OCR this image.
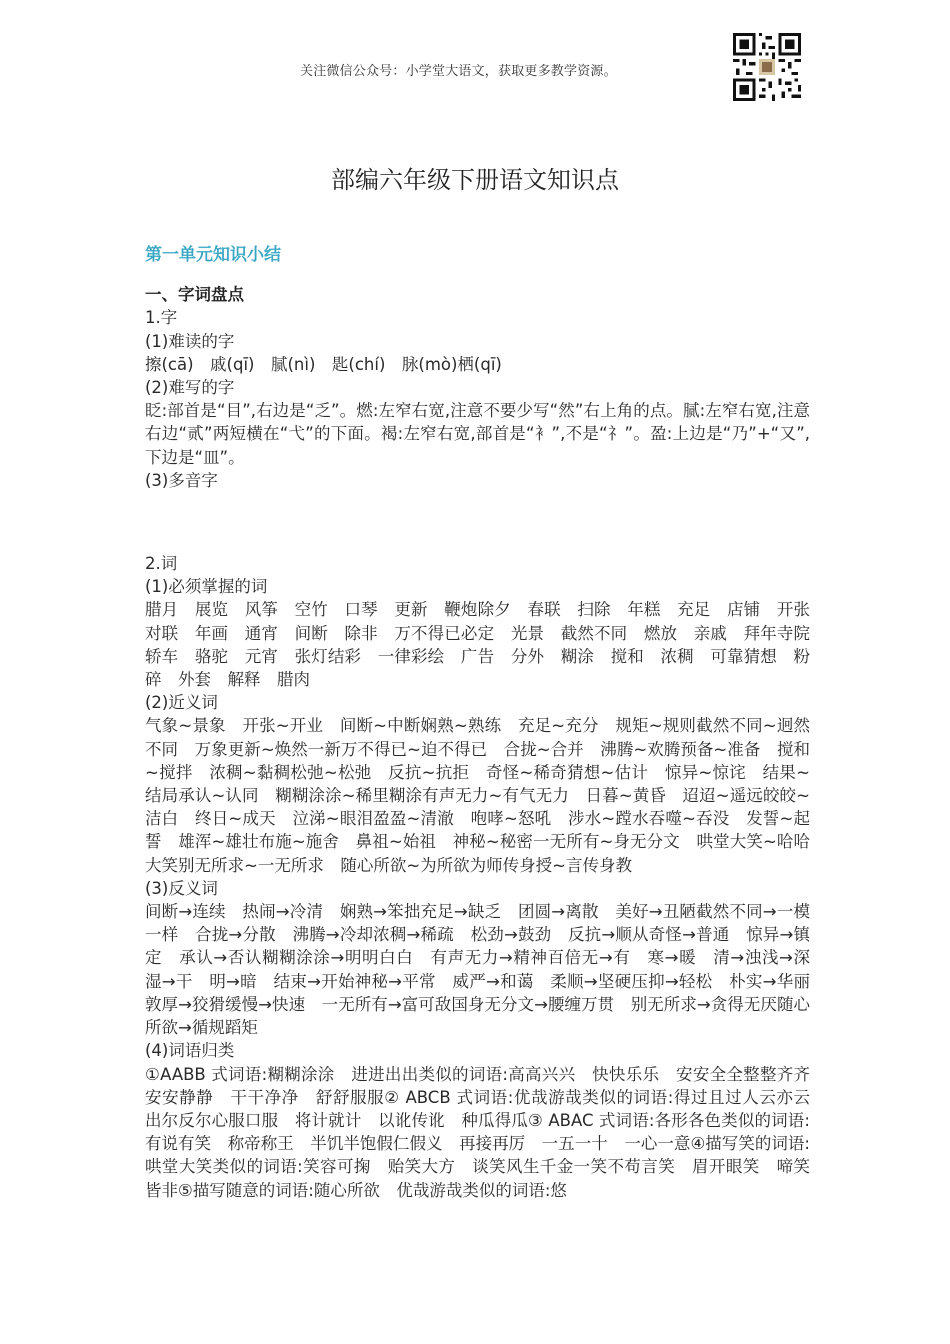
关注微信公众号：小学堂大语文，获取更多教学资源。
部编六年级下册语文知识点

第一单元知识小结

一、字词盘点

1.字

(1)难读的字

擦(cā)　戚(qī)　腻(nì)　匙(chí)　脉(mò)栖(qī)

(2)难写的字

眨:部首是“目”,右边是“乏”。燃:左窄右宽,注意不要少写“然”右上角的点。腻:左窄右宽,注意右边“贰”两短横在“弋”的下面。褐:左窄右宽,部首是“衤”,不是“礻”。盈:上边是“乃”+“又”,下边是“皿”。

(3)多音字

2.词

(1)必须掌握的词

腊月　展览　风筝　空竹　口琴　更新　鞭炮除夕　春联　扫除　年糕　充足　店铺　开张对联　年画　通宵　间断　除非　万不得已必定　光景　截然不同　燃放　亲戚　拜年寺院　轿车　骆驼　元宵　张灯结彩　一律彩绘　广告　分外　糊涂　搅和　浓稠　可靠猜想　粉碎　外套　解释　腊肉

(2)近义词

气象~景象　开张~开业　间断~中断娴熟~熟练　充足~充分　规矩~规则截然不同~迥然不同　万象更新~焕然一新万不得已~迫不得已　合拢~合并　沸腾~欢腾预备~准备　搅和~搅拌　浓稠~黏稠松弛~松弛　反抗~抗拒　奇怪~稀奇猜想~估计　惊异~惊诧　结果~结局承认~认同　糊糊涂涂~稀里糊涂有声无力~有气无力　日暮~黄昏　迢迢~遥远皎皎~洁白　终日~成天　泣涕~眼泪盈盈~清澈　咆哮~怒吼　涉水~蹚水吞噬~吞没　发誓~起誓　雄浑~雄壮布施~施舍　鼻祖~始祖　神秘~秘密一无所有~身无分文　哄堂大笑~哈哈大笑别无所求~一无所求　随心所欲~为所欲为师传身授~言传身教

(3)反义词

间断→连续　热闹→冷清　娴熟→笨拙充足→缺乏　团圆→离散　美好→丑陋截然不同→一模一样　合拢→分散　沸腾→冷却浓稠→稀疏　松劲→鼓劲　反抗→顺从奇怪→普通　惊异→镇定　承认→否认糊糊涂涂→明明白白　有声无力→精神百倍无→有　寒→暖　清→浊浅→深　湿→干　明→暗　结束→开始神秘→平常　威严→和蔼　柔顺→坚硬压抑→轻松　朴实→华丽　敦厚→狡猾缓慢→快速　一无所有→富可敌国身无分文→腰缠万贯　别无所求→贪得无厌随心所欲→循规蹈矩

(4)词语归类

①AABB 式词语:糊糊涂涂　进进出出类似的词语:高高兴兴　快快乐乐　安安全全整整齐齐　安安静静　干干净净　舒舒服服② ABCB 式词语:优哉游哉类似的词语:得过且过人云亦云　出尔反尔心服口服　将计就计　以讹传讹　种瓜得瓜③ ABAC 式词语:各形各色类似的词语:有说有笑　称帝称王　半饥半饱假仁假义　再接再厉　一五一十　一心一意④描写笑的词语:哄堂大笑类似的词语:笑容可掬　贻笑大方　谈笑风生千金一笑不苟言笑　眉开眼笑　啼笑皆非⑤描写随意的词语:随心所欲　优哉游哉类似的词语:悠
